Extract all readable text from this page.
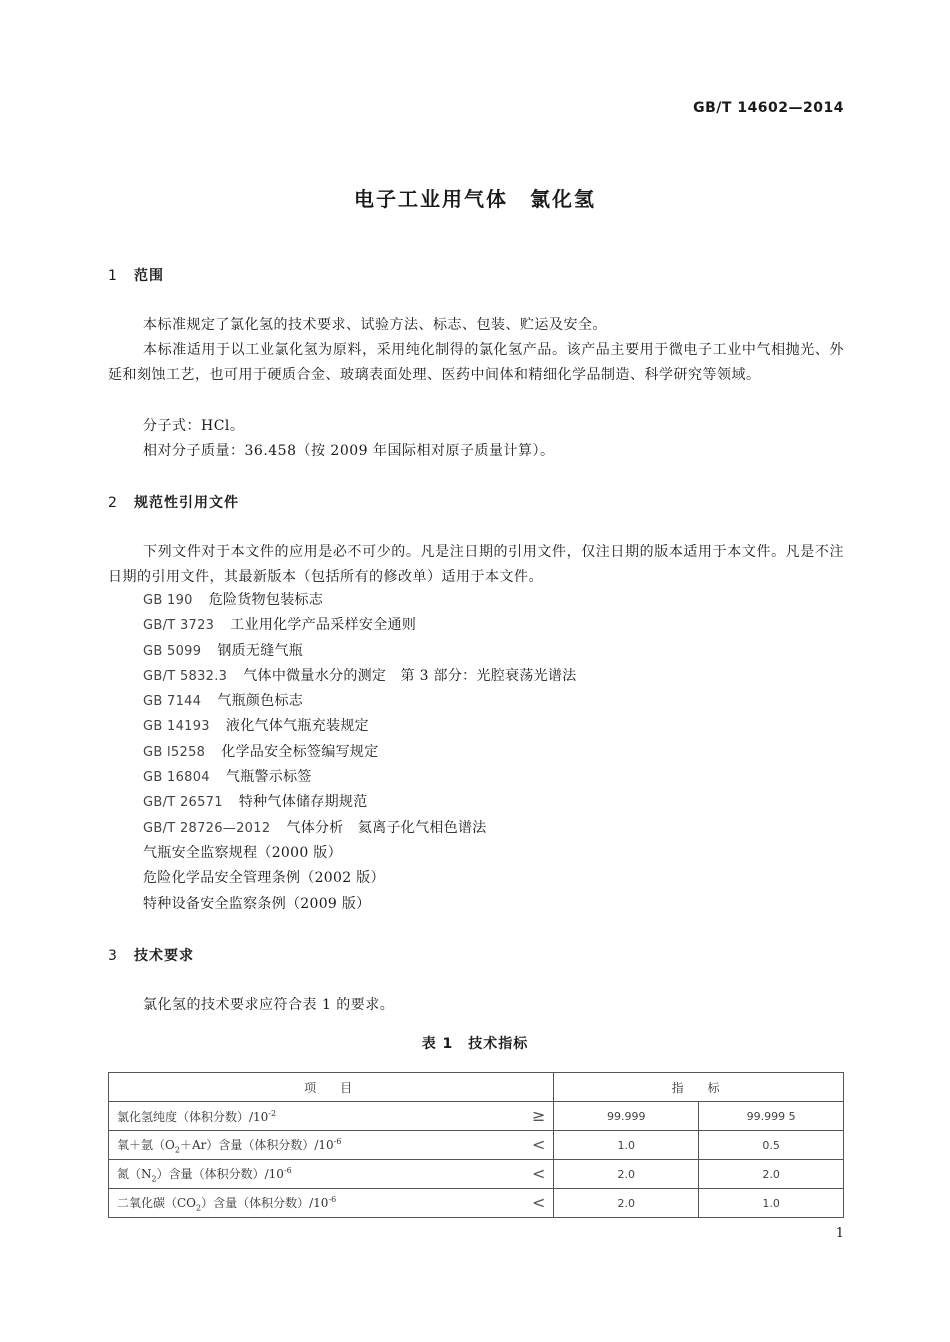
GB/T 14602—2014
电子工业用气体　氯化氢
1 范围
本标准规定了氯化氢的技术要求、试验方法、标志、包装、贮运及安全。
本标准适用于以工业氯化氢为原料，采用纯化制得的氯化氢产品。该产品主要用于微电子工业中气相抛光、外延和刻蚀工艺，也可用于硬质合金、玻璃表面处理、医药中间体和精细化学品制造、科学研究等领域。
分子式：HCl。
相对分子质量：36.458（按 2009 年国际相对原子质量计算）。
2 规范性引用文件
下列文件对于本文件的应用是必不可少的。凡是注日期的引用文件，仅注日期的版本适用于本文件。凡是不注日期的引用文件，其最新版本（包括所有的修改单）适用于本文件。
GB 190 危险货物包装标志
GB/T 3723 工业用化学产品采样安全通则
GB 5099 钢质无缝气瓶
GB/T 5832.3 气体中微量水分的测定　第 3 部分：光腔衰荡光谱法
GB 7144 气瓶颜色标志
GB 14193 液化气体气瓶充装规定
GB l5258 化学品安全标签编写规定
GB 16804 气瓶警示标签
GB/T 26571 特种气体储存期规范
GB/T 28726—2012 气体分析　氦离子化气相色谱法
气瓶安全监察规程（2000 版）
危险化学品安全管理条例（2002 版）
特种设备安全监察条例（2009 版）
3 技术要求
氯化氢的技术要求应符合表 1 的要求。
表 1　技术指标
项　目	指　标	
氯化氢纯度（体积分数）$/10^{-2}$ ≥	99.999	99.999 5
氧＋氩$(O_2+Ar)$含量（体积分数）$/10^{-6}$ <	1.0	0.5
氮$(N_2)$含量（体积分数）$/10^{-6}$ <	2.0	2.0
二氧化碳$(CO_2)$含量（体积分数）$/10^{-6}$ <	2.0	1.0
1
